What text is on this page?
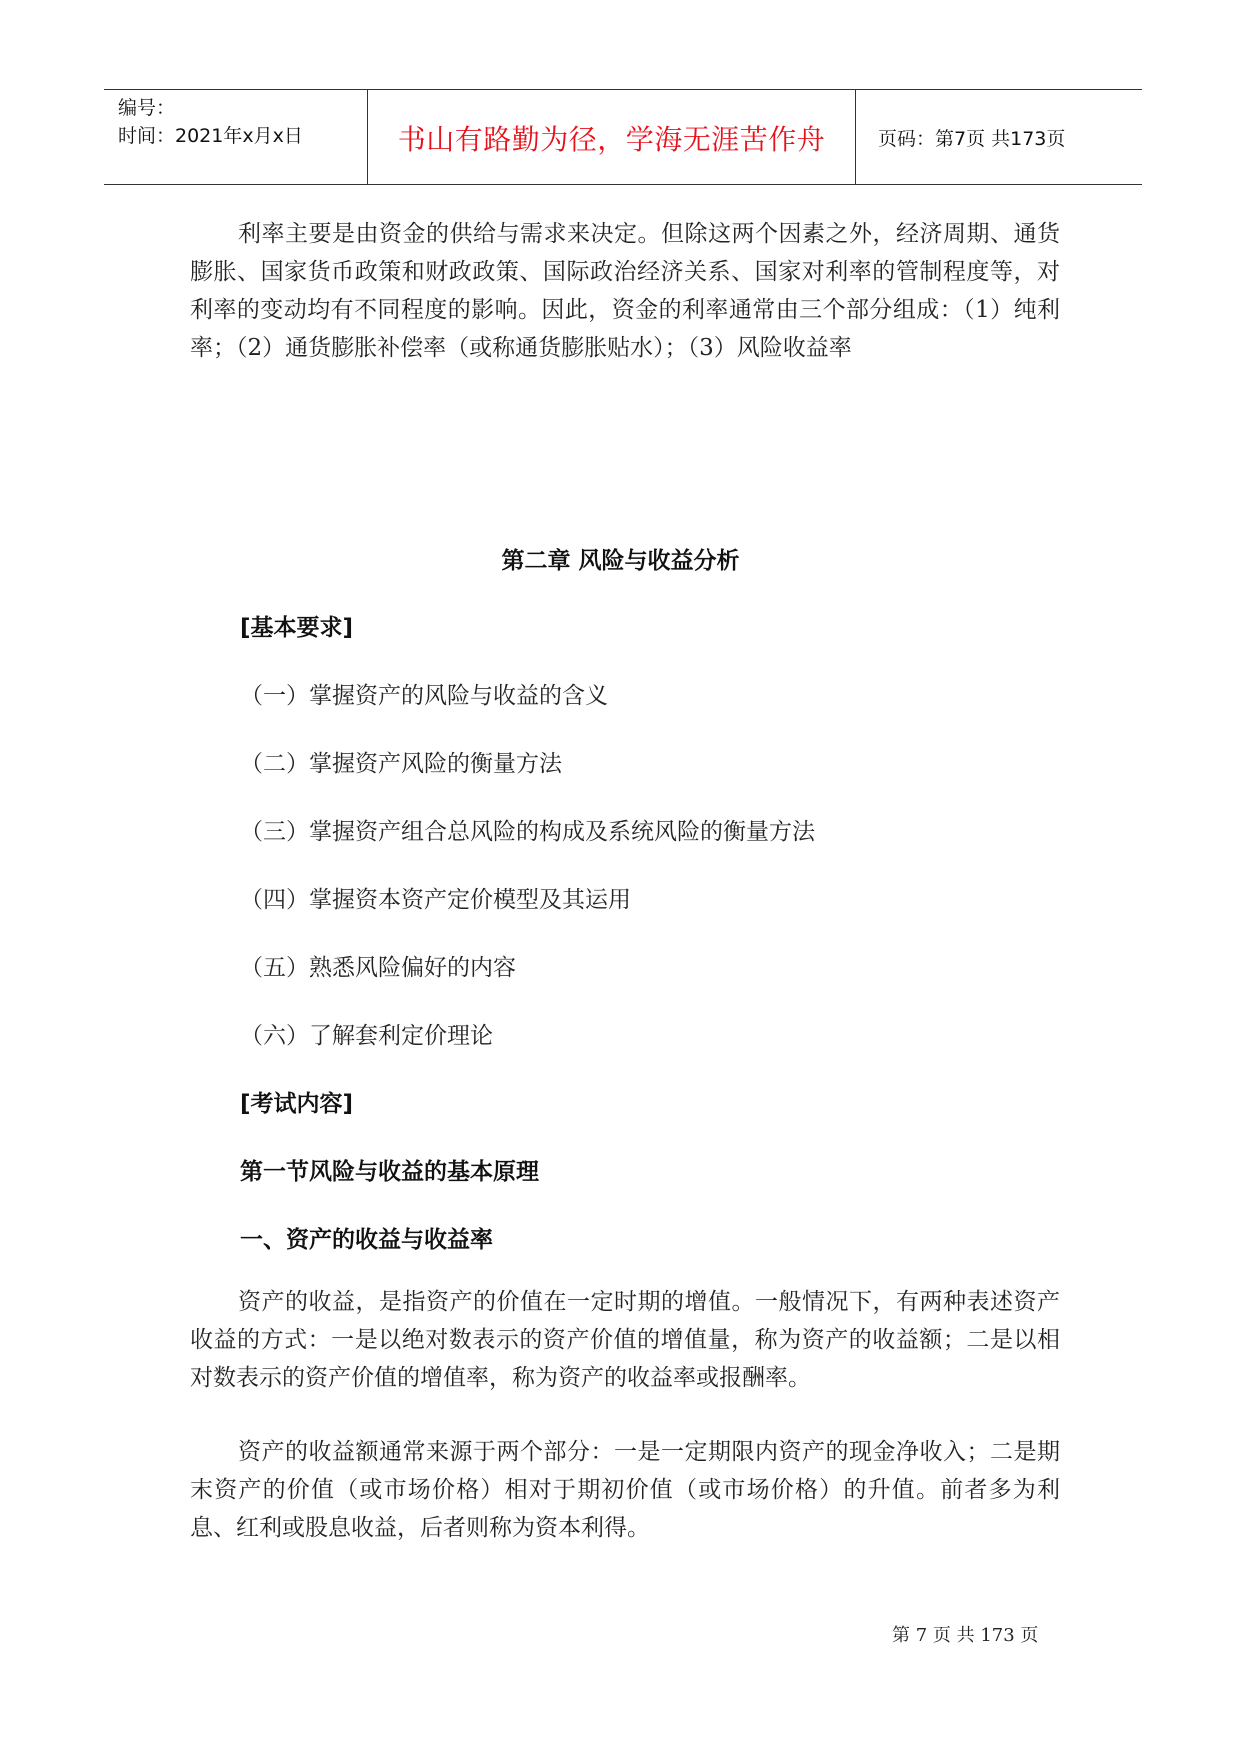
编号：
时间：2021年x月x日	书山有路勤为径，学海无涯苦作舟	页码：第7页 共173页
利率主要是由资金的供给与需求来决定。但除这两个因素之外，经济周期、通货膨胀、国家货币政策和财政政策、国际政治经济关系、国家对利率的管制程度等，对利率的变动均有不同程度的影响。因此，资金的利率通常由三个部分组成：（1）纯利率；（2）通货膨胀补偿率（或称通货膨胀贴水）；（3）风险收益率
第二章 风险与收益分析
[基本要求]
（一）掌握资产的风险与收益的含义
（二）掌握资产风险的衡量方法
（三）掌握资产组合总风险的构成及系统风险的衡量方法
（四）掌握资本资产定价模型及其运用
（五）熟悉风险偏好的内容
（六）了解套利定价理论
[考试内容]
第一节风险与收益的基本原理
一、资产的收益与收益率
资产的收益，是指资产的价值在一定时期的增值。一般情况下，有两种表述资产收益的方式：一是以绝对数表示的资产价值的增值量，称为资产的收益额；二是以相对数表示的资产价值的增值率，称为资产的收益率或报酬率。
资产的收益额通常来源于两个部分：一是一定期限内资产的现金净收入；二是期末资产的价值（或市场价格）相对于期初价值（或市场价格）的升值。前者多为利息、红利或股息收益，后者则称为资本利得。
第 7 页 共 173 页
